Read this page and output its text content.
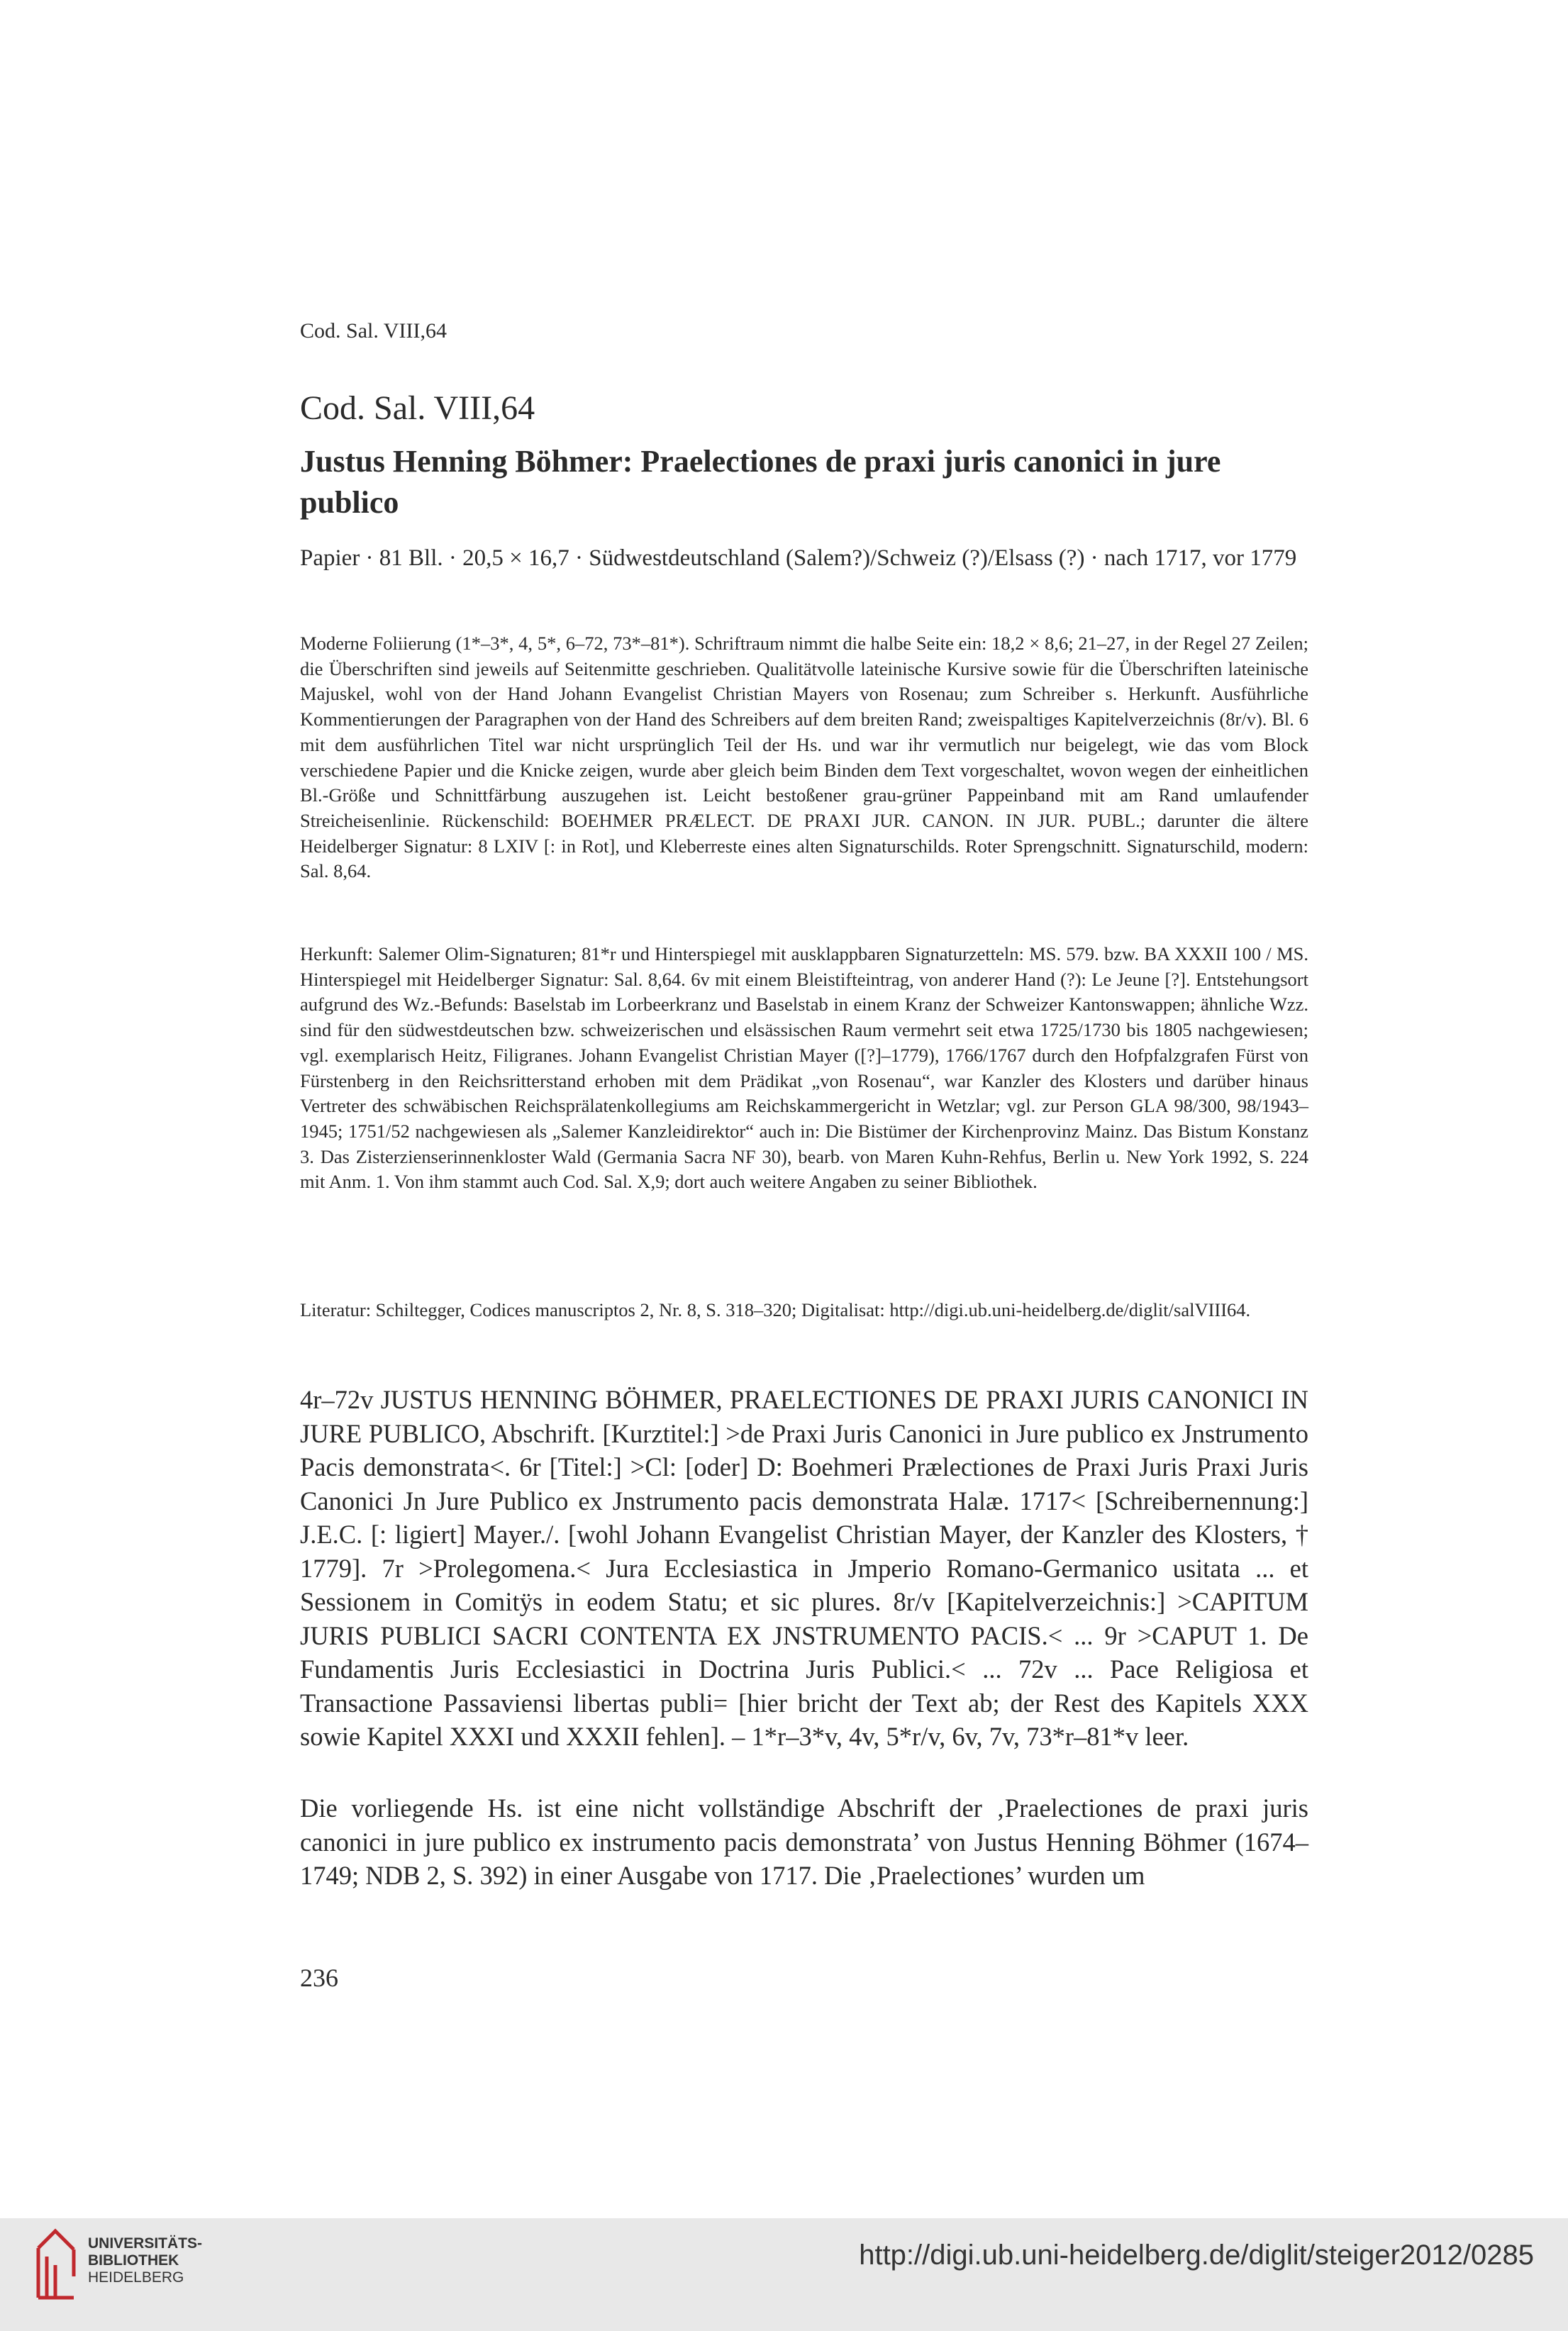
Cod. Sal. VIII,64
Cod. Sal. VIII,64
Justus Henning Böhmer: Praelectiones de praxi juris canonici in jure publico
Papier · 81 Bll. · 20,5 × 16,7 · Südwestdeutschland (Salem?)/Schweiz (?)/Elsass (?) · nach 1717, vor 1779

Moderne Foliierung (1*–3*, 4, 5*, 6–72, 73*–81*). Schriftraum nimmt die halbe Seite ein: 18,2 × 8,6; 21–27, in der Regel 27 Zeilen; die Überschriften sind jeweils auf Seitenmitte geschrieben. Qualitätvolle lateinische Kursive sowie für die Überschriften lateinische Majuskel, wohl von der Hand Johann Evangelist Christian Mayers von Rosenau; zum Schreiber s. Herkunft. Ausführliche Kommentierungen der Paragraphen von der Hand des Schreibers auf dem breiten Rand; zweispaltiges Kapitelverzeichnis (8r/v). Bl. 6 mit dem ausführlichen Titel war nicht ursprünglich Teil der Hs. und war ihr vermutlich nur beigelegt, wie das vom Block verschiedene Papier und die Knicke zeigen, wurde aber gleich beim Binden dem Text vorgeschaltet, wovon wegen der einheitlichen Bl.-Größe und Schnittfärbung auszugehen ist. Leicht bestoßener grau-grüner Pappeinband mit am Rand umlaufender Streicheisenlinie. Rückenschild: BOEHMER PRÆLECT. DE PRAXI JUR. CANON. IN JUR. PUBL.; darunter die ältere Heidelberger Signatur: 8 LXIV [: in Rot], und Kleberreste eines alten Signaturschilds. Roter Sprengschnitt. Signaturschild, modern: Sal. 8,64.

Herkunft: Salemer Olim-Signaturen; 81*r und Hinterspiegel mit ausklappbaren Signaturzetteln: MS. 579. bzw. BA XXXII 100 / MS. Hinterspiegel mit Heidelberger Signatur: Sal. 8,64. 6v mit einem Bleistifteintrag, von anderer Hand (?): Le Jeune [?]. Entstehungsort aufgrund des Wz.-Befunds: Baselstab im Lorbeerkranz und Baselstab in einem Kranz der Schweizer Kantonswappen; ähnliche Wzz. sind für den südwestdeutschen bzw. schweizerischen und elsässischen Raum vermehrt seit etwa 1725/1730 bis 1805 nachgewiesen; vgl. exemplarisch Heitz, Filigranes. Johann Evangelist Christian Mayer ([?]–1779), 1766/1767 durch den Hofpfalzgrafen Fürst von Fürstenberg in den Reichsritterstand erhoben mit dem Prädikat „von Rosenau“, war Kanzler des Klosters und darüber hinaus Vertreter des schwäbischen Reichsprälatenkollegiums am Reichskammergericht in Wetzlar; vgl. zur Person GLA 98/300, 98/1943–1945; 1751/52 nachgewiesen als „Salemer Kanzleidirektor“ auch in: Die Bistümer der Kirchenprovinz Mainz. Das Bistum Konstanz 3. Das Zisterzienserinnenkloster Wald (Germania Sacra NF 30), bearb. von Maren Kuhn-Rehfus, Berlin u. New York 1992, S. 224 mit Anm. 1. Von ihm stammt auch Cod. Sal. X,9; dort auch weitere Angaben zu seiner Bibliothek.

Literatur: Schiltegger, Codices manuscriptos 2, Nr. 8, S. 318–320; Digitalisat: http://digi.ub.uni-heidelberg.de/diglit/salVIII64.

4r–72v JUSTUS HENNING BÖHMER, PRAELECTIONES DE PRAXI JURIS CANONICI IN JURE PUBLICO, Abschrift. [Kurztitel:] >de Praxi Juris Canonici in Jure publico ex Jnstrumento Pacis demonstrata<. 6r [Titel:] >Cl: [oder] D: Boehmeri Prælectiones de Praxi Juris Praxi Juris Canonici Jn Jure Publico ex Jnstrumento pacis demonstrata Halæ. 1717< [Schreibernennung:] J.E.C. [: ligiert] Mayer./. [wohl Johann Evangelist Christian Mayer, der Kanzler des Klosters, † 1779]. 7r >Prolegomena.< Jura Ecclesiastica in Jmperio Romano-Germanico usitata ... et Sessionem in Comitÿs in eodem Statu; et sic plures. 8r/v [Kapitelverzeichnis:] >CAPITUM JURIS PUBLICI SACRI CONTENTA EX JNSTRUMENTO PACIS.< ... 9r >CAPUT 1. De Fundamentis Juris Ecclesiastici in Doctrina Juris Publici.< ... 72v ... Pace Religiosa et Transactione Passaviensi libertas publi= [hier bricht der Text ab; der Rest des Kapitels XXX sowie Kapitel XXXI und XXXII fehlen]. – 1*r–3*v, 4v, 5*r/v, 6v, 7v, 73*r–81*v leer.

Die vorliegende Hs. ist eine nicht vollständige Abschrift der ‚Praelectiones de praxi juris canonici in jure publico ex instrumento pacis demonstrata’ von Justus Henning Böhmer (1674–1749; NDB 2, S. 392) in einer Ausgabe von 1717. Die ‚Praelectiones’ wurden um

236
UNIVERSITÄTS-
BIBLIOTHEK
HEIDELBERG
http://digi.ub.uni-heidelberg.de/diglit/steiger2012/0285
